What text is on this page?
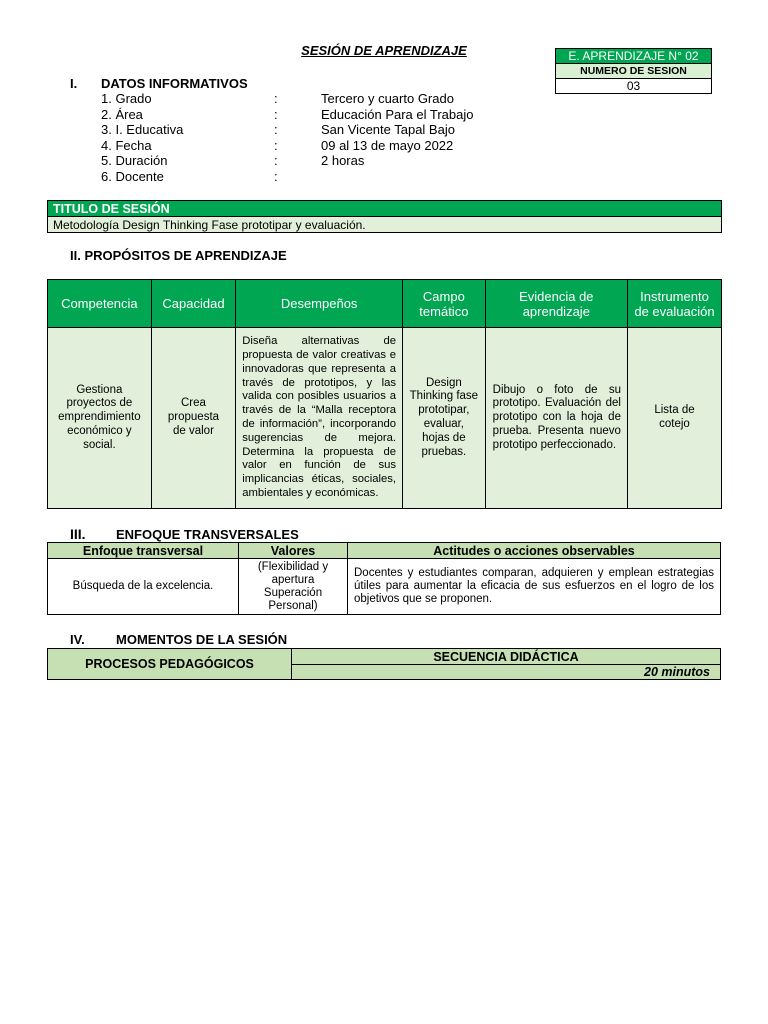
SESIÓN DE APRENDIZAJE	E. APRENDIZAJE N° 02
NUMERO DE SESION
03
I. DATOS INFORMATIVOS
1. Grado	:	Tercero y cuarto Grado
2. Área	:	Educación Para el Trabajo
3. I. Educativa	:	San Vicente Tapal Bajo
4. Fecha	:	09 al 13 de mayo 2022
5. Duración	:	2 horas
6. Docente	:
TITULO DE SESIÓN
Metodología Design Thinking Fase prototipar y evaluación.
II. PROPÓSITOS DE APRENDIZAJE
Competencia	Capacidad	Desempeños	Campo temático	Evidencia de aprendizaje	Instrumento de evaluación
Gestiona proyectos de emprendimiento económico y social.	Crea propuesta de valor	Diseña alternativas de propuesta de valor creativas e innovadoras que representa a través de prototipos, y las valida con posibles usuarios a través de la “Malla receptora de información”, incorporando sugerencias de mejora. Determina la propuesta de valor en función de sus implicancias éticas, sociales, ambientales y económicas.	Design Thinking fase prototipar, evaluar, hojas de pruebas.	Dibujo o foto de su prototipo. Evaluación del prototipo con la hoja de prueba. Presenta nuevo prototipo perfeccionado.	Lista de cotejo
III. ENFOQUE TRANSVERSALES
Enfoque transversal	Valores	Actitudes o acciones observables
Búsqueda de la excelencia.	(Flexibilidad y apertura Superación Personal)	Docentes y estudiantes comparan, adquieren y emplean estrategias útiles para aumentar la eficacia de sus esfuerzos en el logro de los objetivos que se proponen.
IV. MOMENTOS DE LA SESIÓN
PROCESOS PEDAGÓGICOS	SECUENCIA DIDÁCTICA
20 minutos
